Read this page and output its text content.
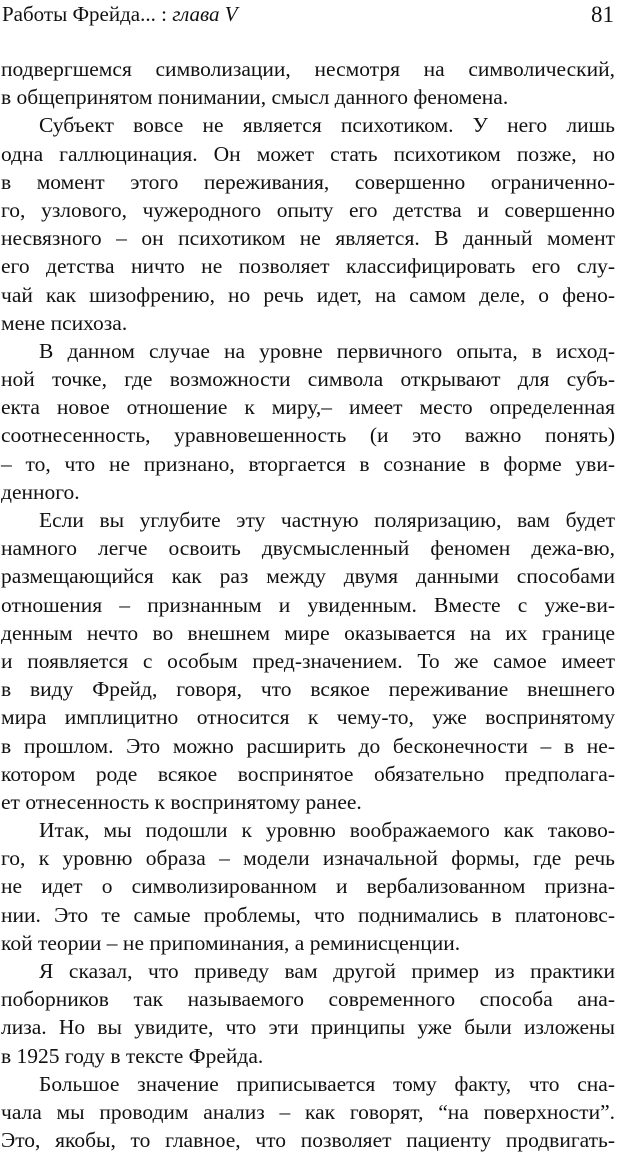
Работы Фрейда... : глава V	81
подвергшемся символизации, несмотря на символический,
в общепринятом понимании, смысл данного феномена.
Субъект вовсе не является психотиком. У него лишь
одна галлюцинация. Он может стать психотиком позже, но
в момент этого переживания, совершенно ограниченно-
го, узлового, чужеродного опыту его детства и совершенно
несвязного – он психотиком не является. В данный момент
его детства ничто не позволяет классифицировать его слу-
чай как шизофрению, но речь идет, на самом деле, о фено-
мене психоза.
В данном случае на уровне первичного опыта, в исход-
ной точке, где возможности символа открывают для субъ-
екта новое отношение к миру,– имеет место определенная
соотнесенность, уравновешенность (и это важно понять)
– то, что не признано, вторгается в сознание в форме уви-
денного.
Если вы углубите эту частную поляризацию, вам будет
намного легче освоить двусмысленный феномен дежа-вю,
размещающийся как раз между двумя данными способами
отношения – признанным и увиденным. Вместе с уже-ви-
денным нечто во внешнем мире оказывается на их границе
и появляется с особым пред-значением. То же самое имеет
в виду Фрейд, говоря, что всякое переживание внешнего
мира имплицитно относится к чему-то, уже воспринятому
в прошлом. Это можно расширить до бесконечности – в не-
котором роде всякое воспринятое обязательно предполага-
ет отнесенность к воспринятому ранее.
Итак, мы подошли к уровню воображаемого как таково-
го, к уровню образа – модели изначальной формы, где речь
не идет о символизированном и вербализованном призна-
нии. Это те самые проблемы, что поднимались в платоновс-
кой теории – не припоминания, а реминисценции.
Я сказал, что приведу вам другой пример из практики
поборников так называемого современного способа ана-
лиза. Но вы увидите, что эти принципы уже были изложены
в 1925 году в тексте Фрейда.
Большое значение приписывается тому факту, что сна-
чала мы проводим анализ – как говорят, “на поверхности”.
Это, якобы, то главное, что позволяет пациенту продвигать-
